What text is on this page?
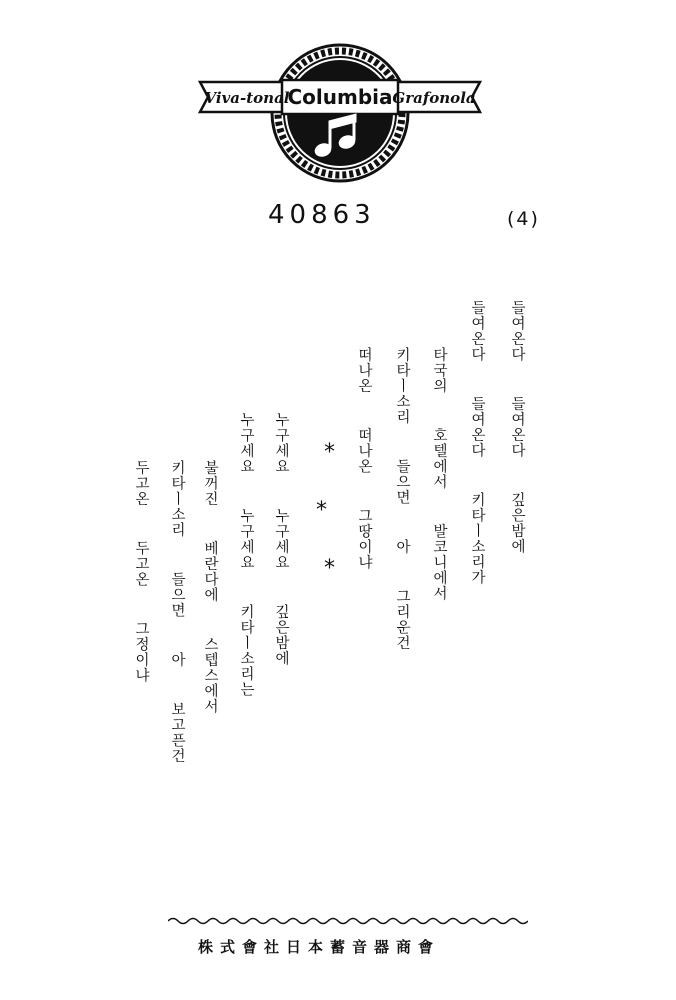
Viva-tonal
Columbia Grafonola
40863	(4)
들여온다  들여온다  깊은밤에
들여온다  들여온다  키타ㅣ소리가
타국의  호텔에서  발코니에서
키타ㅣ소리  들으면  아  그리운건
떠나온  떠나온  그땅이냐
*
*
*
누구세요  누구세요  깊은밤에
누구세요  누구세요  키타ㅣ소리는
불꺼진  베란다에  스텝스에서
키타ㅣ소리  들으면  아  보고픈건
두고온  두고온  그정이냐
株式會社日本蓄音器商會
